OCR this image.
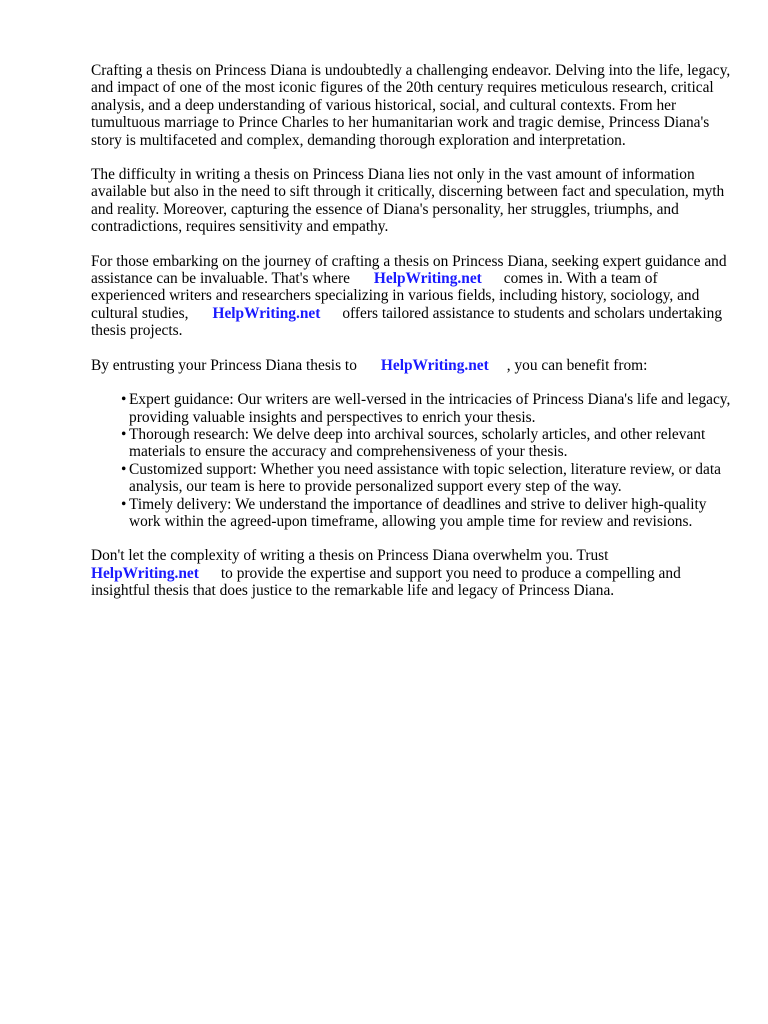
Crafting a thesis on Princess Diana is undoubtedly a challenging endeavor. Delving into the life, legacy, and impact of one of the most iconic figures of the 20th century requires meticulous research, critical analysis, and a deep understanding of various historical, social, and cultural contexts. From her tumultuous marriage to Prince Charles to her humanitarian work and tragic demise, Princess Diana's story is multifaceted and complex, demanding thorough exploration and interpretation.

The difficulty in writing a thesis on Princess Diana lies not only in the vast amount of information available but also in the need to sift through it critically, discerning between fact and speculation, myth and reality. Moreover, capturing the essence of Diana's personality, her struggles, triumphs, and contradictions, requires sensitivity and empathy.

For those embarking on the journey of crafting a thesis on Princess Diana, seeking expert guidance and assistance can be invaluable. That's where HelpWriting.net comes in. With a team of experienced writers and researchers specializing in various fields, including history, sociology, and cultural studies, HelpWriting.net offers tailored assistance to students and scholars undertaking thesis projects.

By entrusting your Princess Diana thesis to HelpWriting.net , you can benefit from:

• Expert guidance: Our writers are well-versed in the intricacies of Princess Diana's life and legacy, providing valuable insights and perspectives to enrich your thesis.
• Thorough research: We delve deep into archival sources, scholarly articles, and other relevant materials to ensure the accuracy and comprehensiveness of your thesis.
• Customized support: Whether you need assistance with topic selection, literature review, or data analysis, our team is here to provide personalized support every step of the way.
• Timely delivery: We understand the importance of deadlines and strive to deliver high-quality work within the agreed-upon timeframe, allowing you ample time for review and revisions.

Don't let the complexity of writing a thesis on Princess Diana overwhelm you. Trust
HelpWriting.net to provide the expertise and support you need to produce a compelling and insightful thesis that does justice to the remarkable life and legacy of Princess Diana.
